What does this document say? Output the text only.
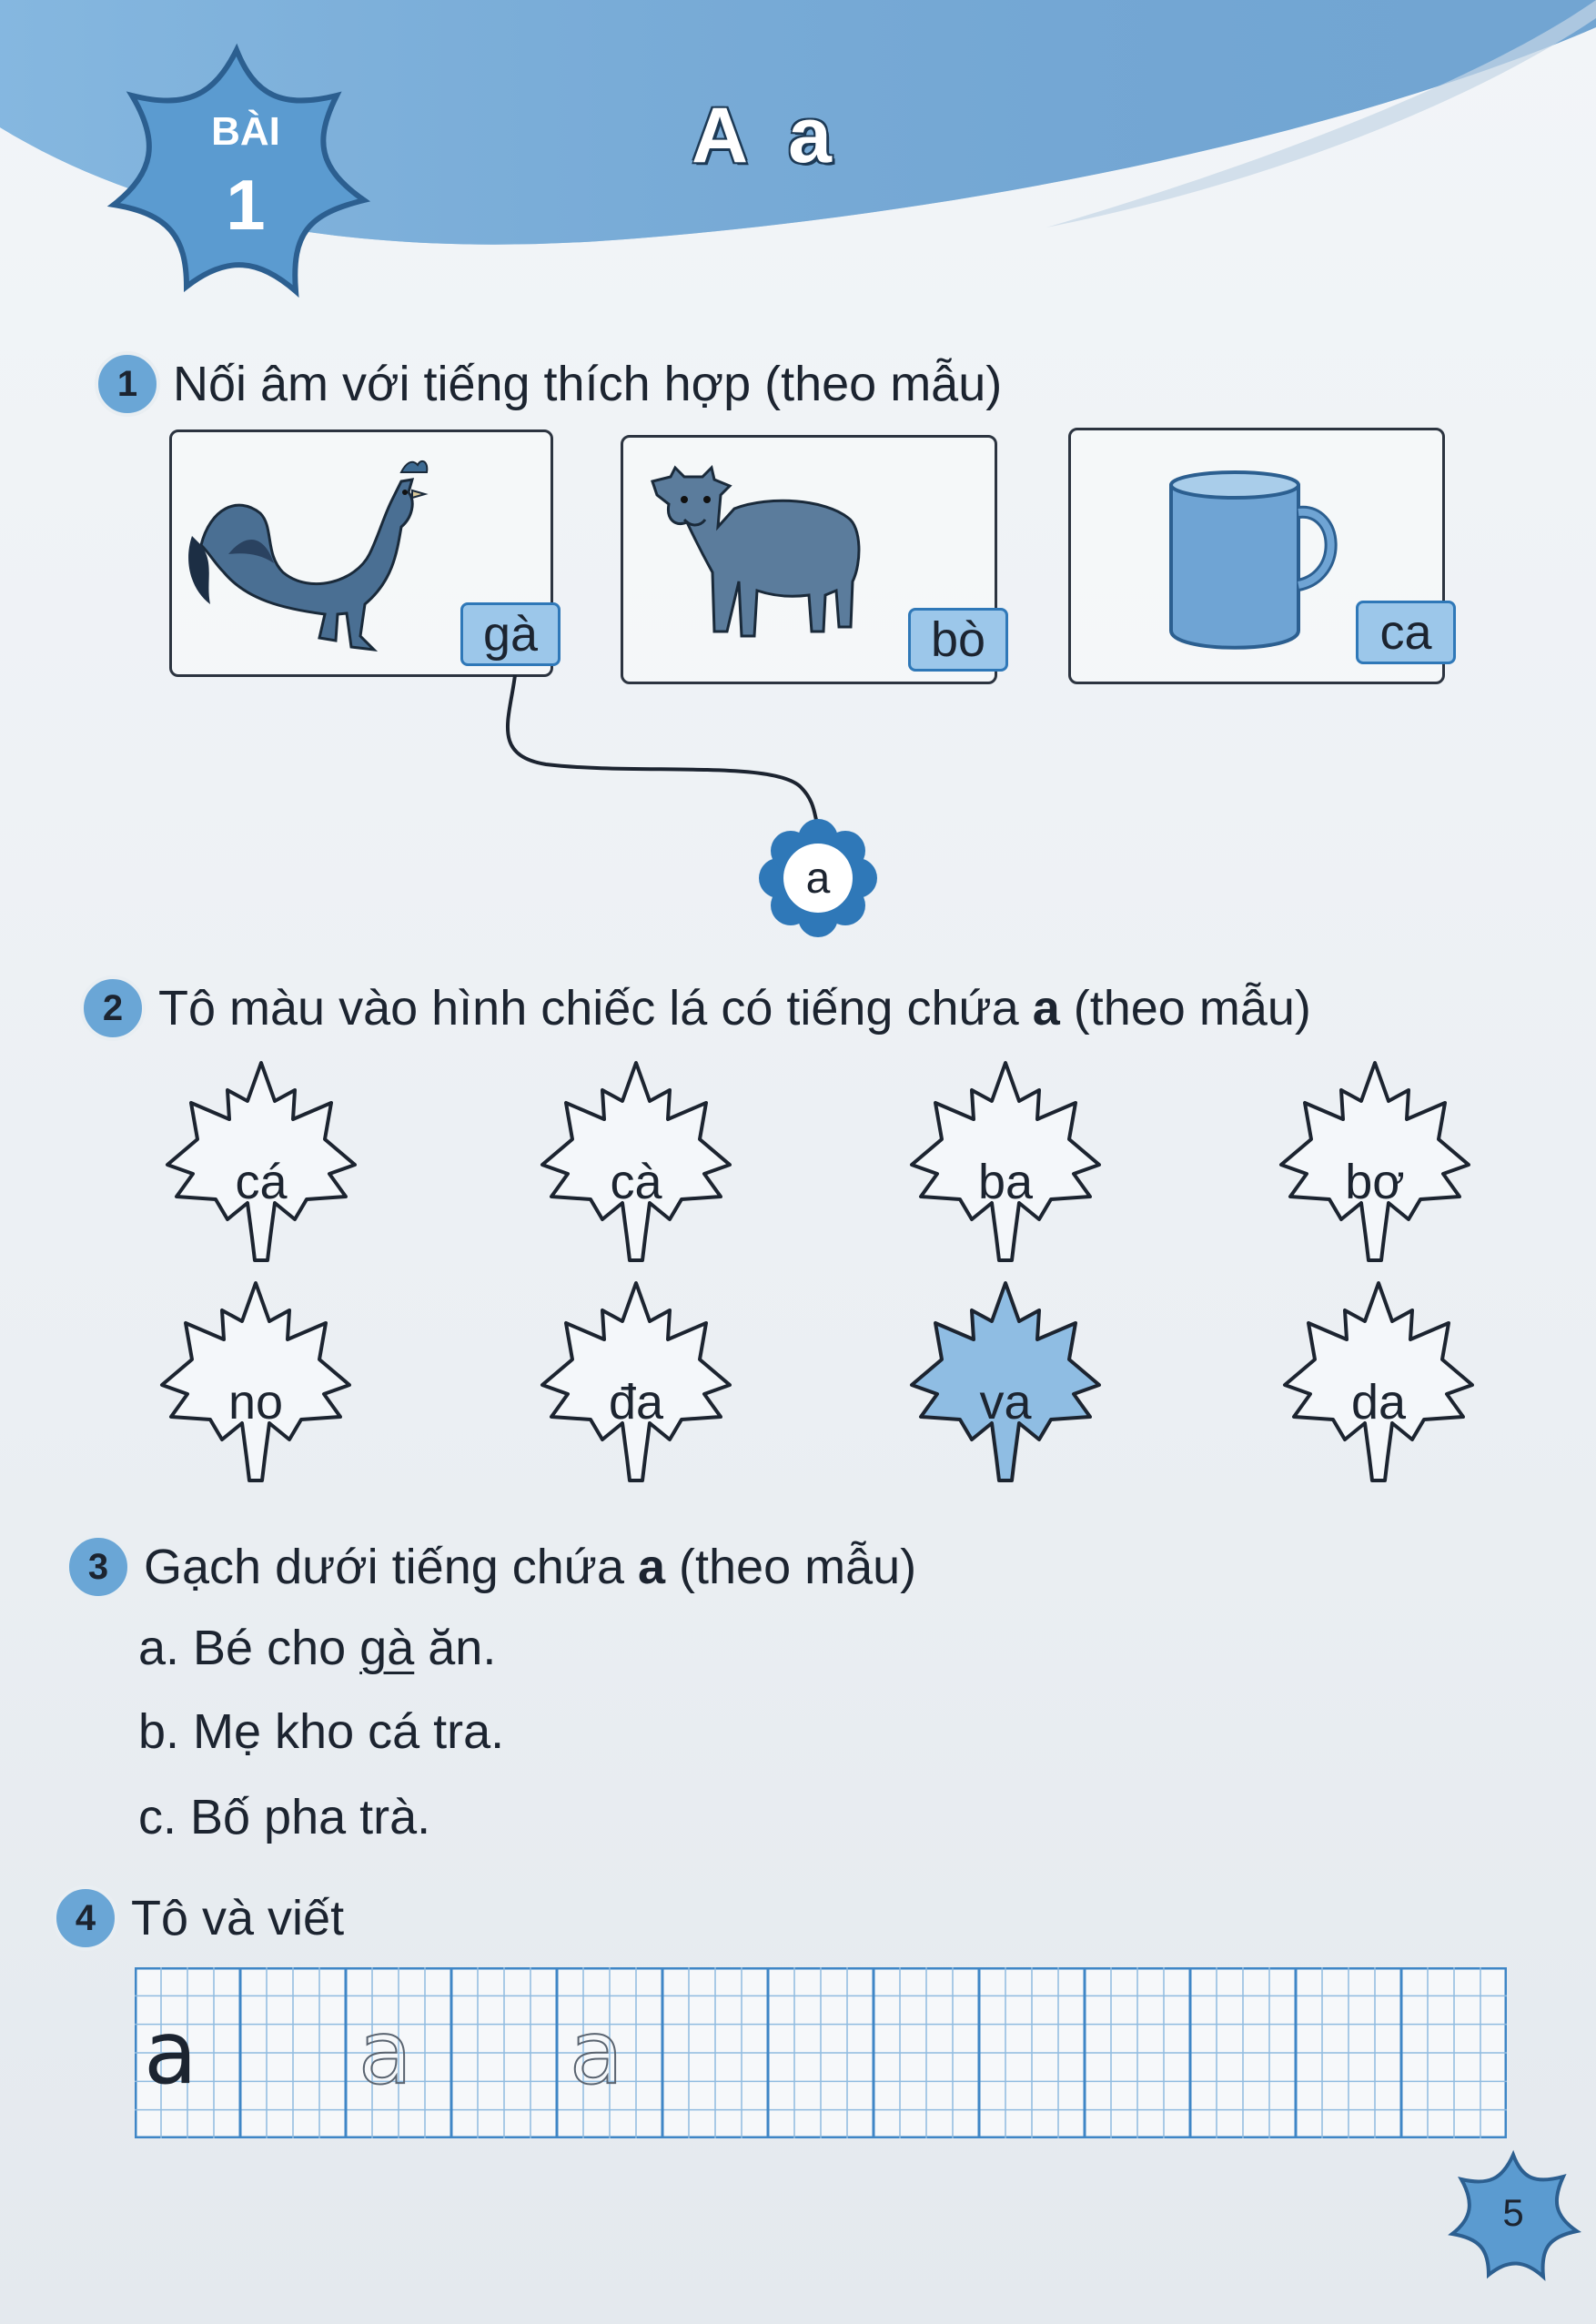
BÀI
1
A a
1 Nối âm với tiếng thích hợp (theo mẫu)
gà	bò	ca
a
2 Tô màu vào hình chiếc lá có tiếng chứa a (theo mẫu)
cá	cà	ba	bơ
no	đa	va	da
3 Gạch dưới tiếng chứa a (theo mẫu)
a. Bé cho gà ăn.
b. Mẹ kho cá tra.
c. Bố pha trà.
4 Tô và viết
a a a
5
